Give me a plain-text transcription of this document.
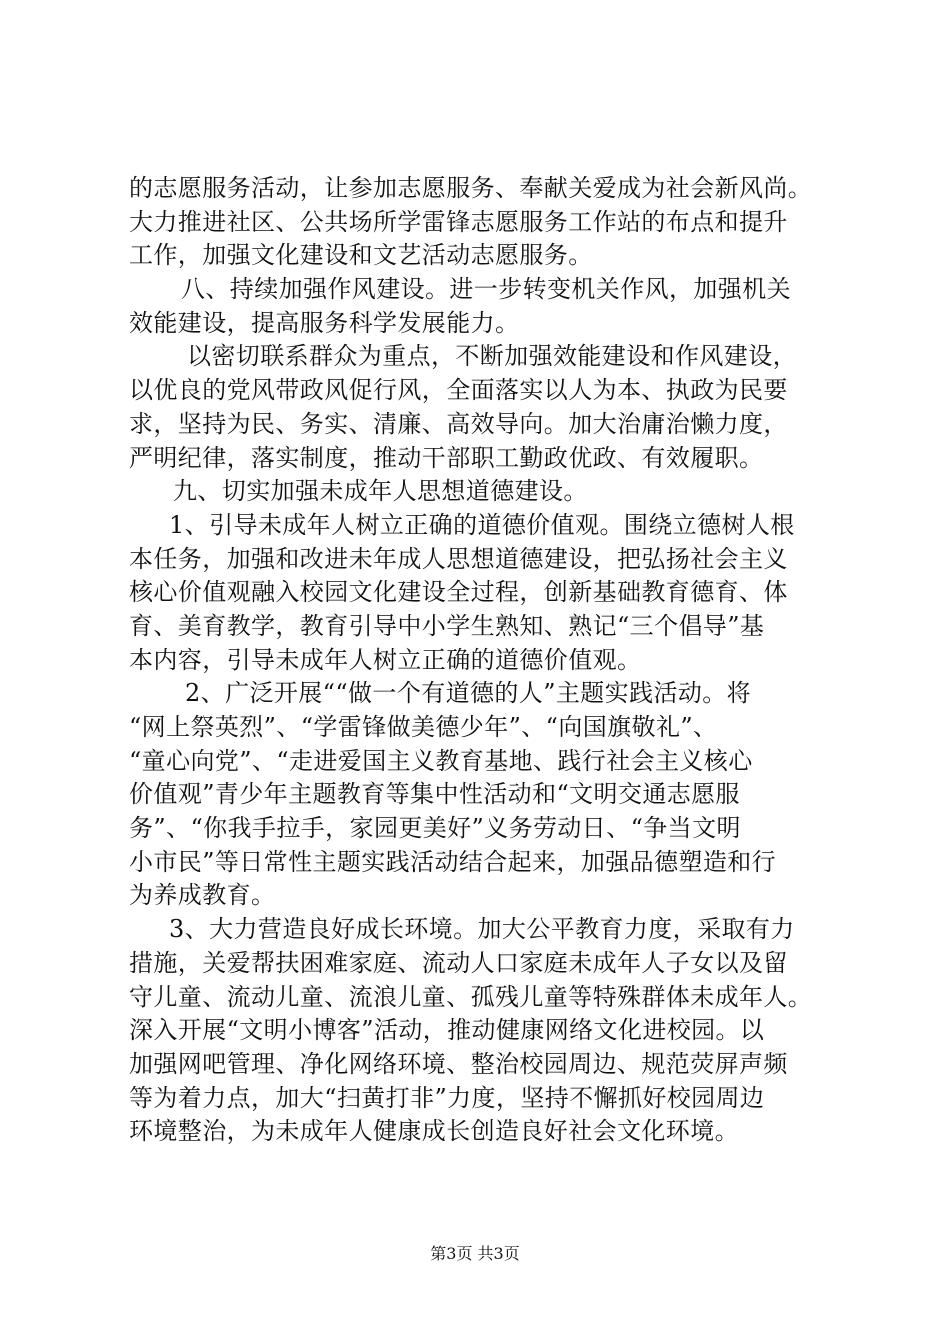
的志愿服务活动，让参加志愿服务、奉献关爱成为社会新风尚。
大力推进社区、公共场所学雷锋志愿服务工作站的布点和提升
工作，加强文化建设和文艺活动志愿服务。
八、持续加强作风建设。进一步转变机关作风，加强机关
效能建设，提高服务科学发展能力。
以密切联系群众为重点，不断加强效能建设和作风建设，
以优良的党风带政风促行风，全面落实以人为本、执政为民要
求，坚持为民、务实、清廉、高效导向。加大治庸治懒力度，
严明纪律，落实制度，推动干部职工勤政优政、有效履职。
九、切实加强未成年人思想道德建设。
1、引导未成年人树立正确的道德价值观。围绕立德树人根
本任务，加强和改进未年成人思想道德建设，把弘扬社会主义
核心价值观融入校园文化建设全过程，创新基础教育德育、体
育、美育教学，教育引导中小学生熟知、熟记“三个倡导”基
本内容，引导未成年人树立正确的道德价值观。
2、广泛开展““做一个有道德的人”主题实践活动。将
“网上祭英烈”、“学雷锋做美德少年”、“向国旗敬礼”、
“童心向党”、“走进爱国主义教育基地、践行社会主义核心
价值观”青少年主题教育等集中性活动和“文明交通志愿服
务”、“你我手拉手，家园更美好”义务劳动日、“争当文明
小市民”等日常性主题实践活动结合起来，加强品德塑造和行
为养成教育。
3、大力营造良好成长环境。加大公平教育力度，采取有力
措施，关爱帮扶困难家庭、流动人口家庭未成年人子女以及留
守儿童、流动儿童、流浪儿童、孤残儿童等特殊群体未成年人。
深入开展“文明小博客”活动，推动健康网络文化进校园。以
加强网吧管理、净化网络环境、整治校园周边、规范荧屏声频
等为着力点，加大“扫黄打非”力度，坚持不懈抓好校园周边
环境整治，为未成年人健康成长创造良好社会文化环境。
第3页 共3页
